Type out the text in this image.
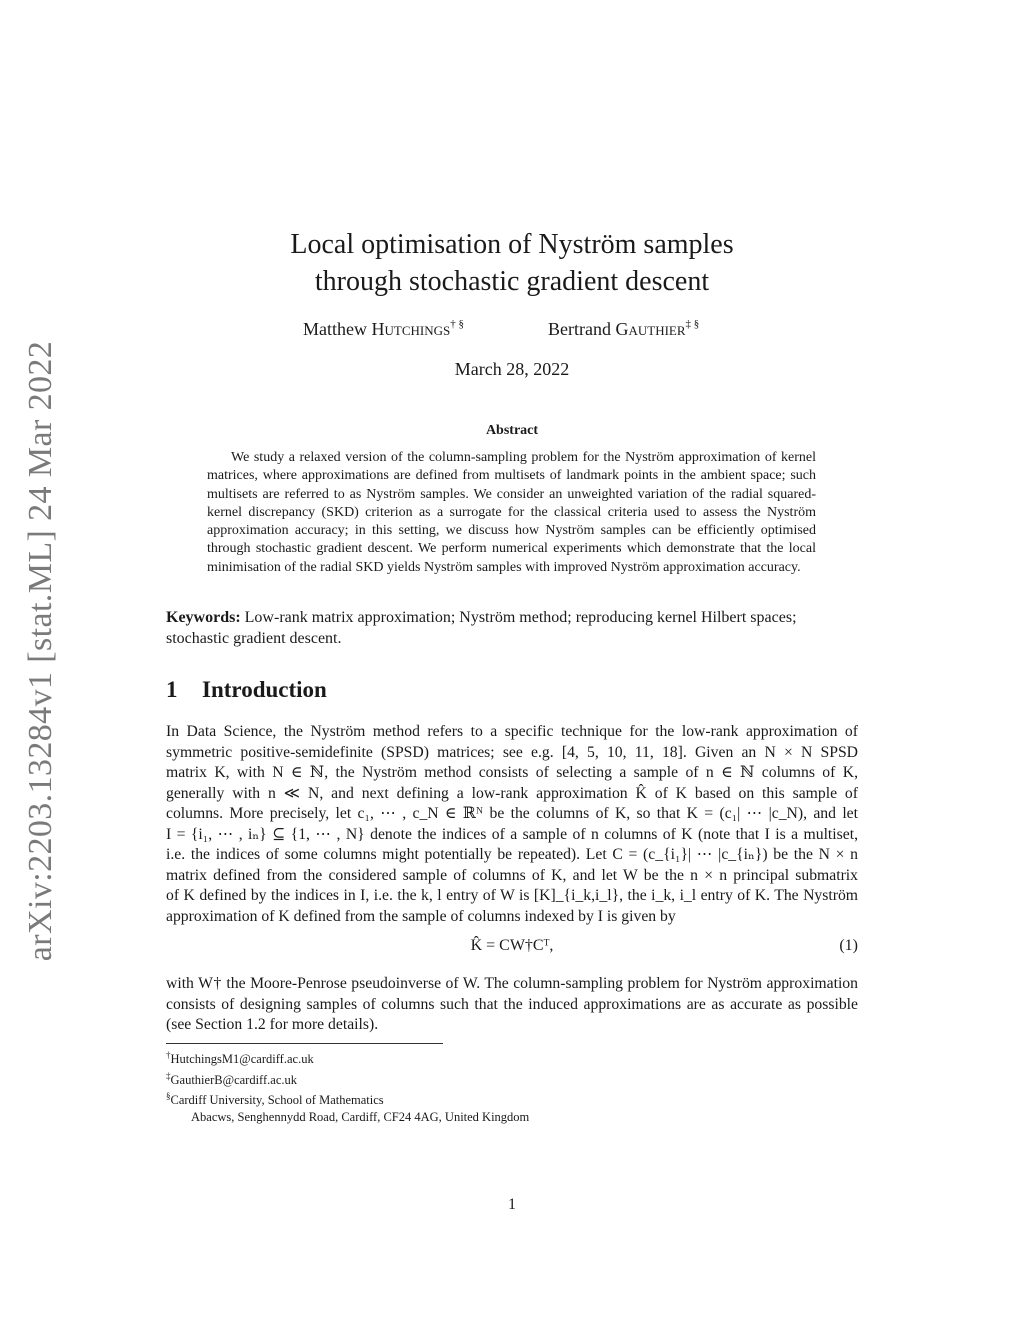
arXiv:2203.13284v1 [stat.ML] 24 Mar 2022
Local optimisation of Nyström samples
through stochastic gradient descent
Matthew Hutchings† §	Bertrand Gauthier‡ §
March 28, 2022
Abstract
We study a relaxed version of the column-sampling problem for the Nyström approximation of kernel matrices, where approximations are defined from multisets of landmark points in the ambient space; such multisets are referred to as Nyström samples. We consider an unweighted variation of the radial squared-kernel discrepancy (SKD) criterion as a surrogate for the classical criteria used to assess the Nyström approximation accuracy; in this setting, we discuss how Nyström samples can be efficiently optimised through stochastic gradient descent. We perform numerical experiments which demonstrate that the local minimisation of the radial SKD yields Nyström samples with improved Nyström approximation accuracy.
Keywords: Low-rank matrix approximation; Nyström method; reproducing kernel Hilbert spaces; stochastic gradient descent.
1 Introduction
In Data Science, the Nyström method refers to a specific technique for the low-rank approximation of
symmetric positive-semidefinite (SPSD) matrices; see e.g. [4, 5, 10, 11, 18]. Given an N × N SPSD
matrix K, with N ∈ ℕ, the Nyström method consists of selecting a sample of n ∈ ℕ columns of K,
generally with n ≪ N, and next defining a low-rank approximation K̂ of K based on this sample of
columns. More precisely, let c₁, ⋯ , c_N ∈ ℝᴺ be the columns of K, so that K = (c₁| ⋯ |c_N), and let
I = {i₁, ⋯ , iₙ} ⊆ {1, ⋯ , N} denote the indices of a sample of n columns of K (note that I is a multiset,
i.e. the indices of some columns might potentially be repeated). Let C = (c_{i₁}| ⋯ |c_{iₙ}) be the N × n
matrix defined from the considered sample of columns of K, and let W be the n × n principal submatrix
of K defined by the indices in I, i.e. the k, l entry of W is [K]_{i_k,i_l}, the i_k, i_l entry of K. The Nyström
approximation of K defined from the sample of columns indexed by I is given by
K̂ = CW†Cᵀ,	(1)
with W† the Moore-Penrose pseudoinverse of W. The column-sampling problem for Nyström approximation consists of designing samples of columns such that the induced approximations are as accurate as possible (see Section 1.2 for more details).
†HutchingsM1@cardiff.ac.uk
‡GauthierB@cardiff.ac.uk
§Cardiff University, School of Mathematics
Abacws, Senghennydd Road, Cardiff, CF24 4AG, United Kingdom
1
